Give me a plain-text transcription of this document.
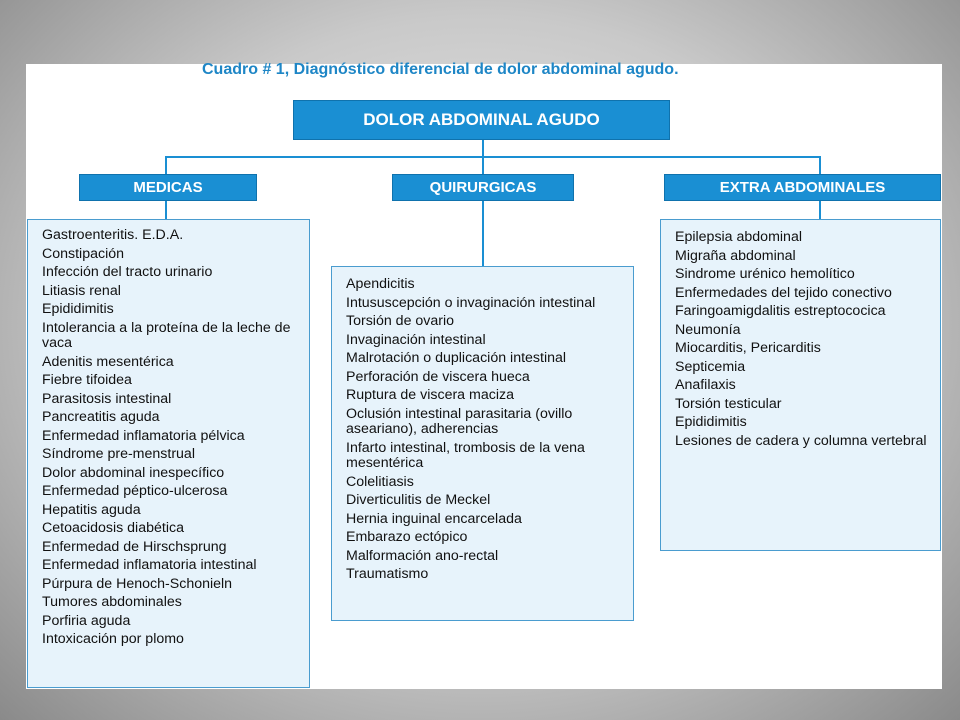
Cuadro # 1, Diagnóstico diferencial de dolor abdominal agudo.
DOLOR ABDOMINAL AGUDO
MEDICAS	QUIRURGICAS	EXTRA ABDOMINALES
Gastroenteritis. E.D.A.
Constipación
Infección del tracto urinario
Litiasis renal
Epididimitis
Intolerancia a la proteína de la leche de vaca
Adenitis mesentérica
Fiebre tifoidea
Parasitosis intestinal
Pancreatitis aguda
Enfermedad inflamatoria pélvica
Síndrome pre-menstrual
Dolor abdominal inespecífico
Enfermedad péptico-ulcerosa
Hepatitis aguda
Cetoacidosis diabética
Enfermedad de Hirschsprung
Enfermedad inflamatoria intestinal
Púrpura de Henoch-Schonieln
Tumores abdominales
Porfiria aguda
Intoxicación por plomo
Apendicitis
Intususcepción o invaginación intestinal
Torsión de ovario
Invaginación intestinal
Malrotación o duplicación intestinal
Perforación de viscera hueca
Ruptura de viscera maciza
Oclusión intestinal parasitaria (ovillo aseariano), adherencias
Infarto intestinal, trombosis de la vena mesentérica
Colelitiasis
Diverticulitis de Meckel
Hernia inguinal encarcelada
Embarazo ectópico
Malformación ano-rectal
Traumatismo
Epilepsia abdominal
Migraña abdominal
Sindrome urénico hemolítico
Enfermedades del tejido conectivo
Faringoamigdalitis estreptococica
Neumonía
Miocarditis, Pericarditis
Septicemia
Anafilaxis
Torsión testicular
Epididimitis
Lesiones de cadera y columna vertebral
